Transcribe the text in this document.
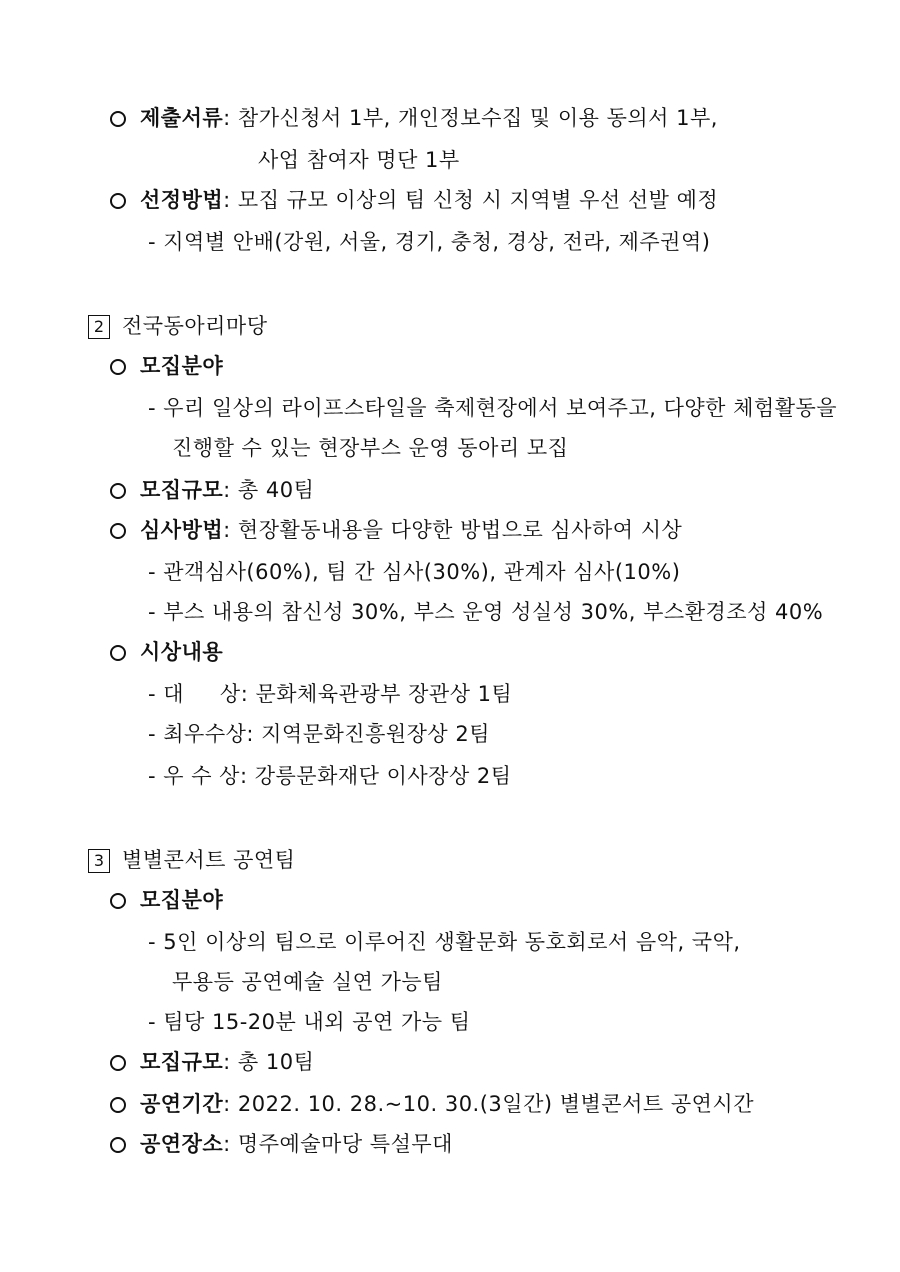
제출서류: 참가신청서 1부, 개인정보수집 및 이용 동의서 1부,
사업 참여자 명단 1부
선정방법: 모집 규모 이상의 팀 신청 시 지역별 우선 선발 예정
- 지역별 안배(강원, 서울, 경기, 충청, 경상, 전라, 제주권역)
2 전국동아리마당
모집분야
- 우리 일상의 라이프스타일을 축제현장에서 보여주고, 다양한 체험활동을
진행할 수 있는 현장부스 운영 동아리 모집
모집규모: 총 40팀
심사방법: 현장활동내용을 다양한 방법으로 심사하여 시상
- 관객심사(60%), 팀 간 심사(30%), 관계자 심사(10%)
- 부스 내용의 참신성 30%, 부스 운영 성실성 30%, 부스환경조성 40%
시상내용
- 대     상: 문화체육관광부 장관상 1팀
- 최우수상: 지역문화진흥원장상 2팀
- 우 수 상: 강릉문화재단 이사장상 2팀
3 별별콘서트 공연팀
모집분야
- 5인 이상의 팀으로 이루어진 생활문화 동호회로서 음악, 국악,
무용등 공연예술 실연 가능팀
- 팀당 15-20분 내외 공연 가능 팀
모집규모: 총 10팀
공연기간: 2022. 10. 28.~10. 30.(3일간) 별별콘서트 공연시간
공연장소: 명주예술마당 특설무대
